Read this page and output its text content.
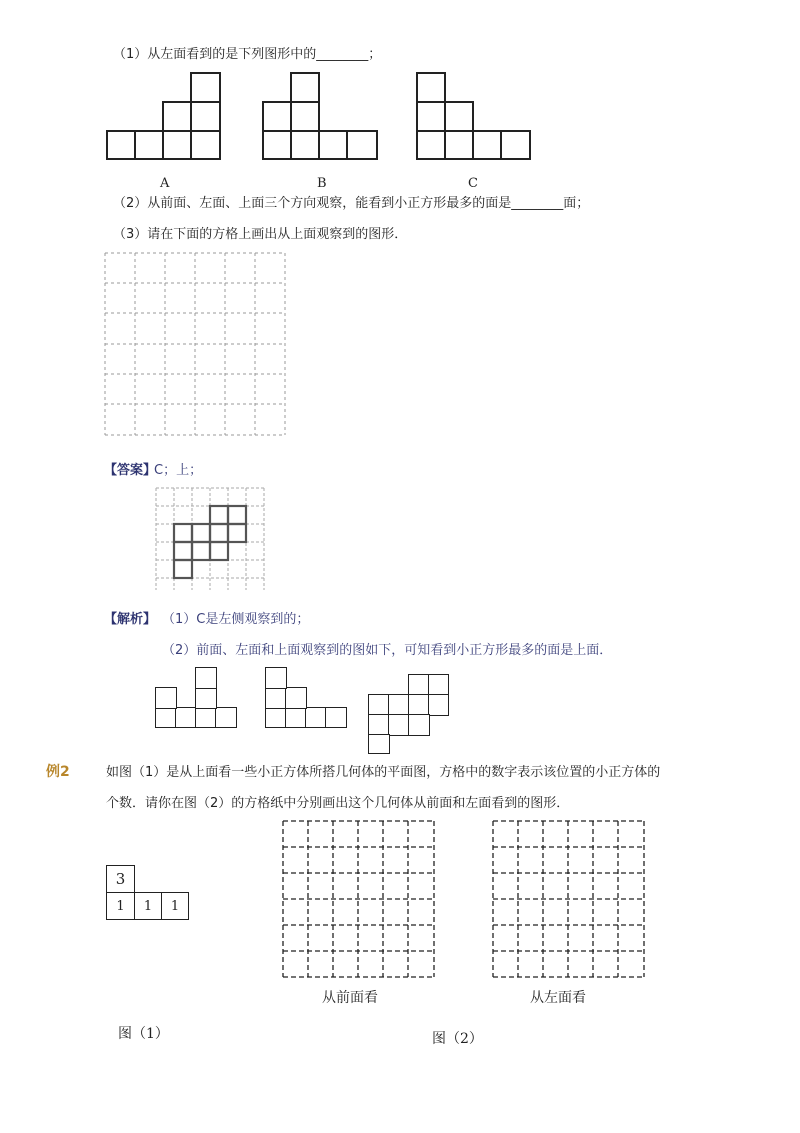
（1）从左面看到的是下列图形中的________；
A	B	C
（2）从前面、左面、上面三个方向观察，能看到小正方形最多的面是________面；
（3）请在下面的方格上画出从上面观察到的图形．
【答案】
C；上；
【解析】 （1）C是左侧观察到的；
（2）前面、左面和上面观察到的图如下，可知看到小正方形最多的面是上面．
例2	如图（1）是从上面看一些小正方体所搭几何体的平面图，方格中的数字表示该位置的小正方体的
个数．请你在图（2）的方格纸中分别画出这个几何体从前面和左面看到的图形．
3
1	1	1
从前面看	从左面看
图（1）	图（2）
